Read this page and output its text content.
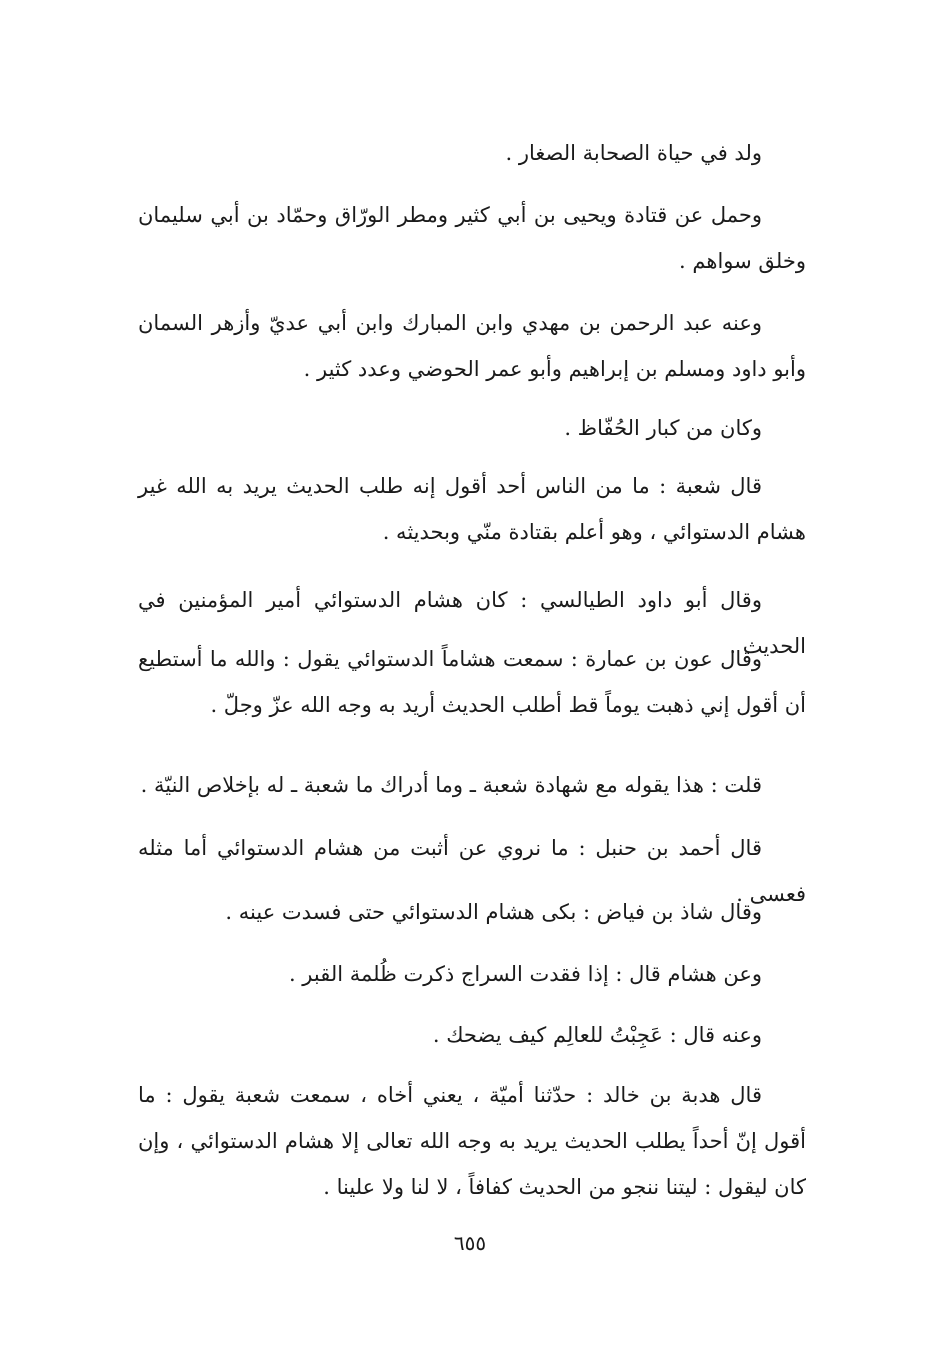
ولد في حياة الصحابة الصغار .

وحمل عن قتادة ويحيى بن أبي كثير ومطر الورّاق وحمّاد بن أبي سليمان وخلق سواهم .

وعنه عبد الرحمن بن مهدي وابن المبارك وابن أبي عديّ وأزهر السمان وأبو داود ومسلم بن إبراهيم وأبو عمر الحوضي وعدد كثير .

وكان من كبار الحُفّاظ .

قال شعبة : ما من الناس أحد أقول إنه طلب الحديث يريد به الله غير هشام الدستوائي ، وهو أعلم بقتادة منّي وبحديثه .

وقال أبو داود الطيالسي : كان هشام الدستوائي أمير المؤمنين في الحديث .

وقال عون بن عمارة : سمعت هشاماً الدستوائي يقول : والله ما أستطيع أن أقول إني ذهبت يوماً قط أطلب الحديث أريد به وجه الله عزّ وجلّ .

قلت : هذا يقوله مع شهادة شعبة ـ وما أدراك ما شعبة ـ له بإخلاص النيّة .

قال أحمد بن حنبل : ما نروي عن أثبت من هشام الدستوائي أما مثله فعسى .

وقال شاذ بن فياض : بكى هشام الدستوائي حتى فسدت عينه .

وعن هشام قال : إذا فقدت السراج ذكرت ظُلمة القبر .

وعنه قال : عَجِبْتُ للعالِم كيف يضحك .

قال هدبة بن خالد : حدّثنا أميّة ، يعني أخاه ، سمعت شعبة يقول : ما أقول إنّ أحداً يطلب الحديث يريد به وجه الله تعالى إلا هشام الدستوائي ، وإن كان ليقول : ليتنا ننجو من الحديث كفافاً ، لا لنا ولا علينا .

٦٥٥
